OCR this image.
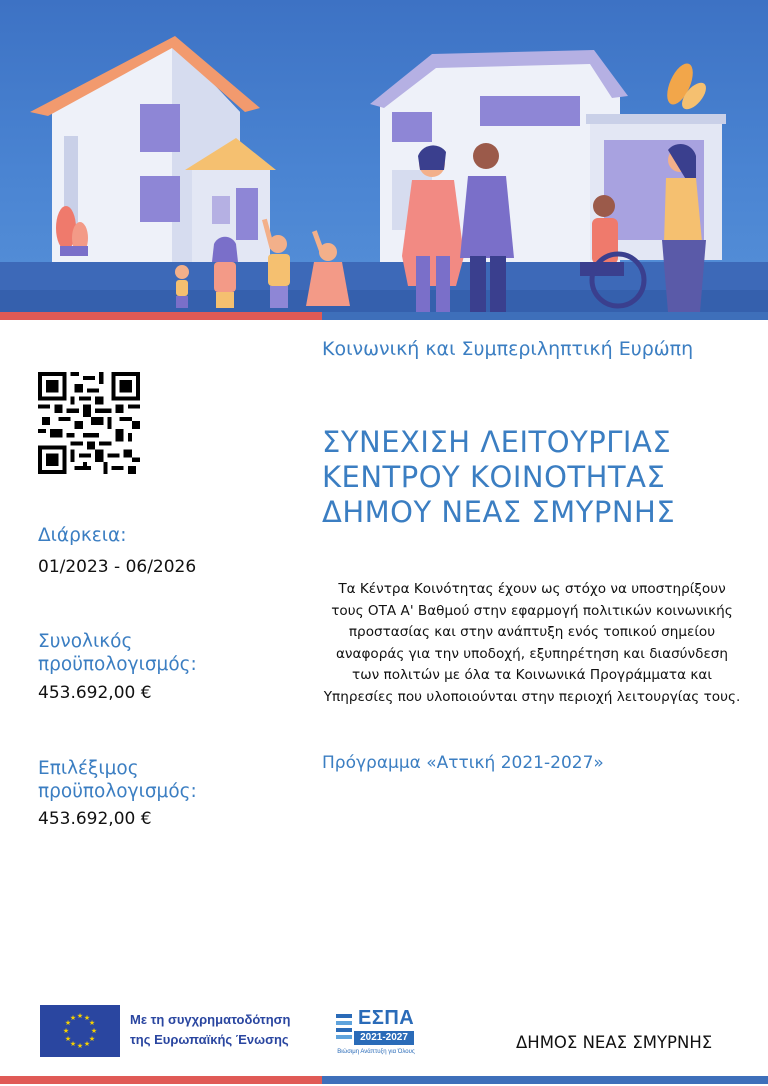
Διάρκεια:

01/2023 - 06/2026

Συνολικός προϋπολογισμός:

453.692,00 €

Επιλέξιμος προϋπολογισμός:

453.692,00 €

Κοινωνική και Συμπεριληπτική Ευρώπη

ΣΥΝΕΧΙΣΗ ΛΕΙΤΟΥΡΓΙΑΣ ΚΕΝΤΡΟΥ ΚΟΙΝΟΤΗΤΑΣ ΔΗΜΟΥ ΝΕΑΣ ΣΜΥΡΝΗΣ

Τα Κέντρα Κοινότητας έχουν ως στόχο να υποστηρίξουν τους ΟΤΑ Α' Βαθμού στην εφαρμογή πολιτικών κοινωνικής προστασίας και στην ανάπτυξη ενός τοπικού σημείου αναφοράς για την υποδοχή, εξυπηρέτηση και διασύνδεση των πολιτών με όλα τα Κοινωνικά Προγράμματα και Υπηρεσίες που υλοποιούνται στην περιοχή λειτουργίας τους.

Πρόγραμμα «Αττική 2021-2027»

★ ★
★
★
★
★
★
★
★
★
★
★	Με τη συγχρηματοδότηση
της Ευρωπαϊκής Ένωσης

ΕΣΠΑ
2021-2027
Βιώσιμη Ανάπτυξη για Όλους	ΔΗΜΟΣ ΝΕΑΣ ΣΜΥΡΝΗΣ
